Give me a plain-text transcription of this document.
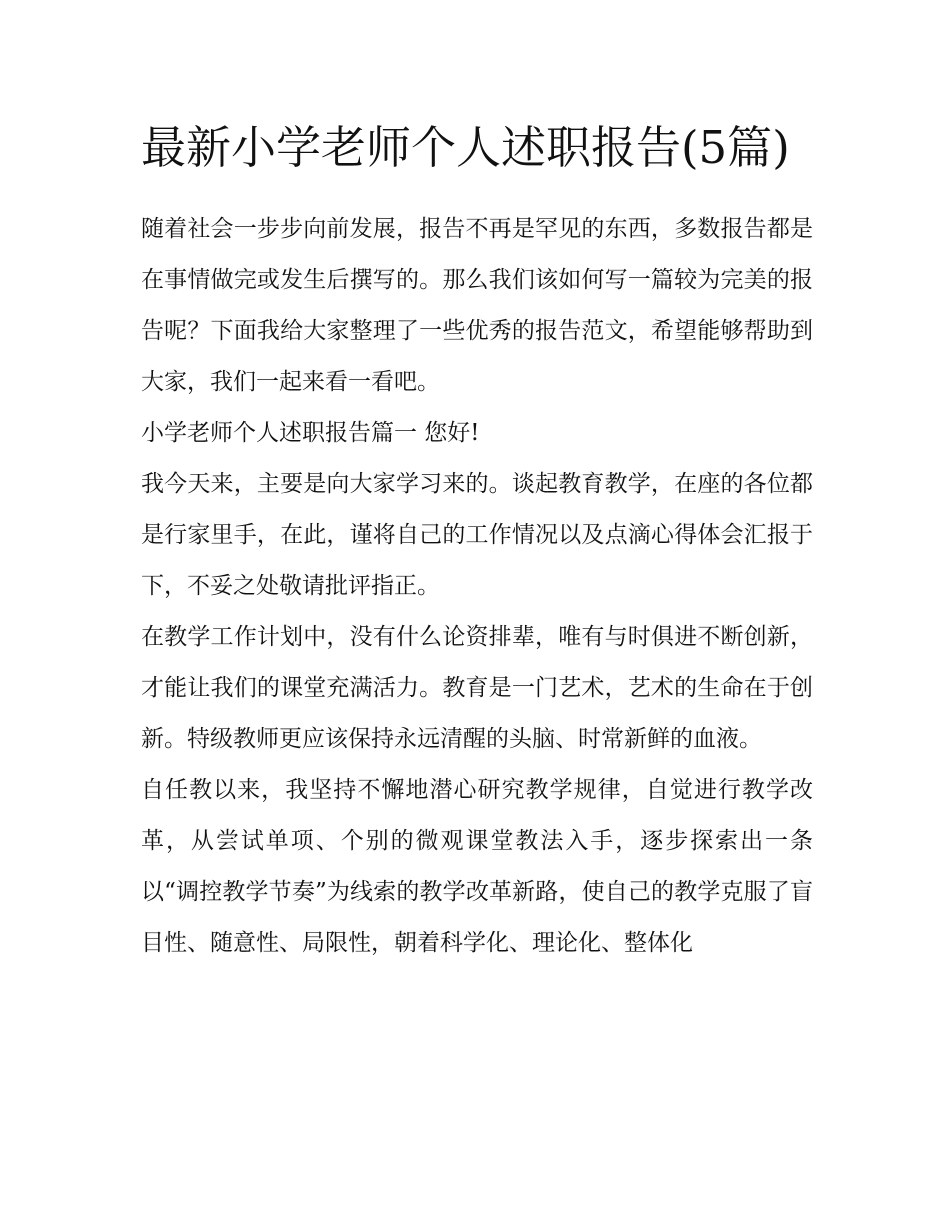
最新小学老师个人述职报告(5篇)

随着社会一步步向前发展，报告不再是罕见的东西，多数报告都是在事情做完或发生后撰写的。那么我们该如何写一篇较为完美的报告呢？下面我给大家整理了一些优秀的报告范文，希望能够帮助到大家，我们一起来看一看吧。

小学老师个人述职报告篇一 您好!

我今天来，主要是向大家学习来的。谈起教育教学，在座的各位都是行家里手，在此，谨将自己的工作情况以及点滴心得体会汇报于下，不妥之处敬请批评指正。

在教学工作计划中，没有什么论资排辈，唯有与时俱进不断创新，才能让我们的课堂充满活力。教育是一门艺术，艺术的生命在于创新。特级教师更应该保持永远清醒的头脑、时常新鲜的血液。

自任教以来，我坚持不懈地潜心研究教学规律，自觉进行教学改革，从尝试单项、个别的微观课堂教法入手，逐步探索出一条以“调控教学节奏”为线索的教学改革新路，使自己的教学克服了盲目性、随意性、局限性，朝着科学化、理论化、整体化
